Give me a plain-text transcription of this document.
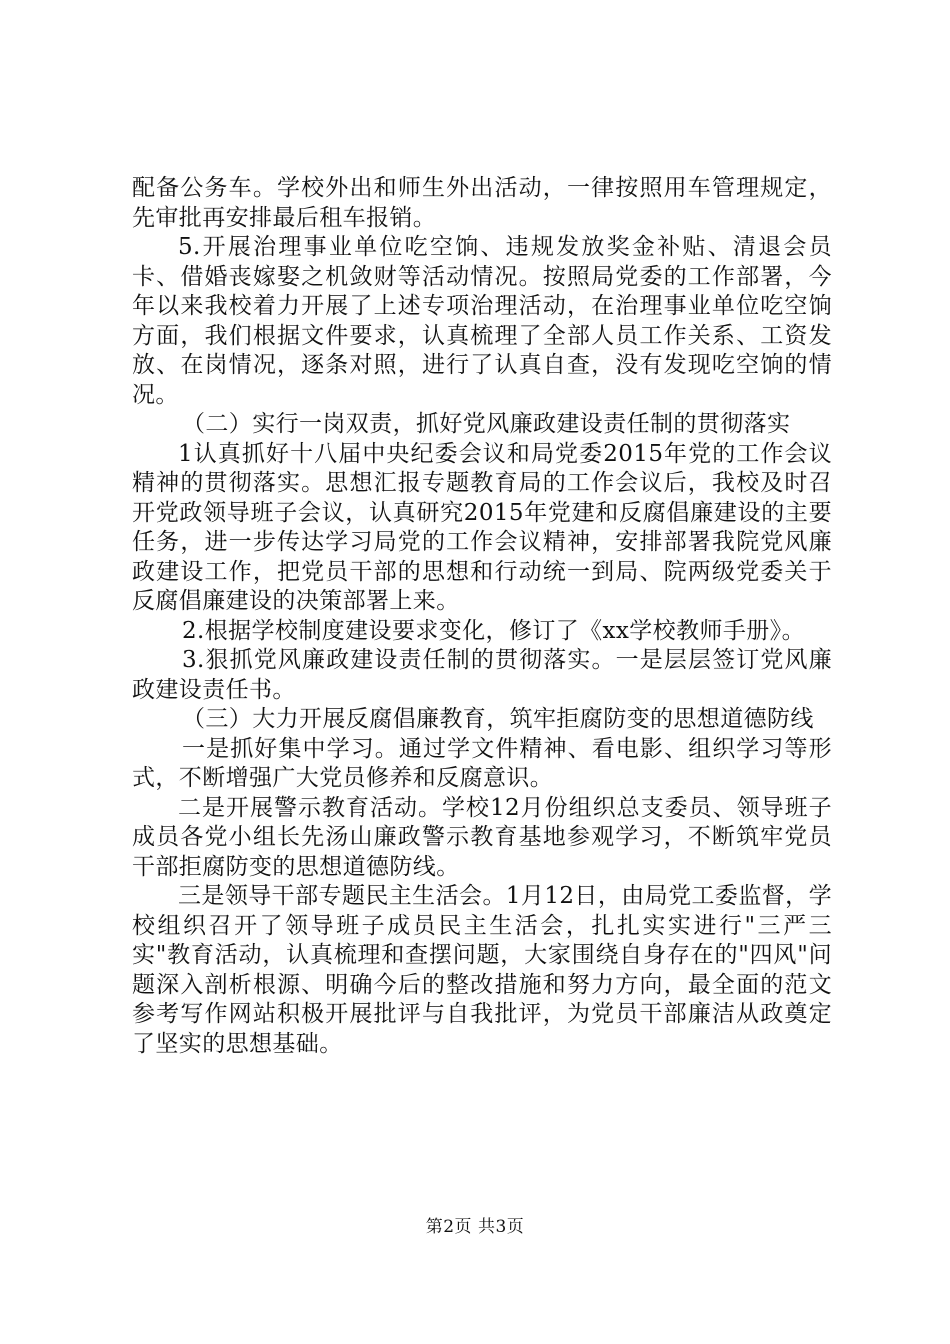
配备公务车。学校外出和师生外出活动，一律按照用车管理规定，先审批再安排最后租车报销。

5.开展治理事业单位吃空饷、违规发放奖金补贴、清退会员卡、借婚丧嫁娶之机敛财等活动情况。按照局党委的工作部署，今年以来我校着力开展了上述专项治理活动，在治理事业单位吃空饷方面，我们根据文件要求，认真梳理了全部人员工作关系、工资发放、在岗情况，逐条对照，进行了认真自查，没有发现吃空饷的情况。

（二）实行一岗双责，抓好党风廉政建设责任制的贯彻落实

1认真抓好十八届中央纪委会议和局党委2015年党的工作会议精神的贯彻落实。思想汇报专题教育局的工作会议后，我校及时召开党政领导班子会议，认真研究2015年党建和反腐倡廉建设的主要任务，进一步传达学习局党的工作会议精神，安排部署我院党风廉政建设工作，把党员干部的思想和行动统一到局、院两级党委关于反腐倡廉建设的决策部署上来。

2.根据学校制度建设要求变化，修订了《xx学校教师手册》。

3.狠抓党风廉政建设责任制的贯彻落实。一是层层签订党风廉政建设责任书。

（三）大力开展反腐倡廉教育，筑牢拒腐防变的思想道德防线

一是抓好集中学习。通过学文件精神、看电影、组织学习等形式，不断增强广大党员修养和反腐意识。

二是开展警示教育活动。学校12月份组织总支委员、领导班子成员各党小组长先汤山廉政警示教育基地参观学习，不断筑牢党员干部拒腐防变的思想道德防线。

三是领导干部专题民主生活会。1月12日，由局党工委监督，学校组织召开了领导班子成员民主生活会，扎扎实实进行"三严三实"教育活动，认真梳理和查摆问题，大家围绕自身存在的"四风"问题深入剖析根源、明确今后的整改措施和努力方向，最全面的范文参考写作网站积极开展批评与自我批评，为党员干部廉洁从政奠定了坚实的思想基础。

第2页 共3页
